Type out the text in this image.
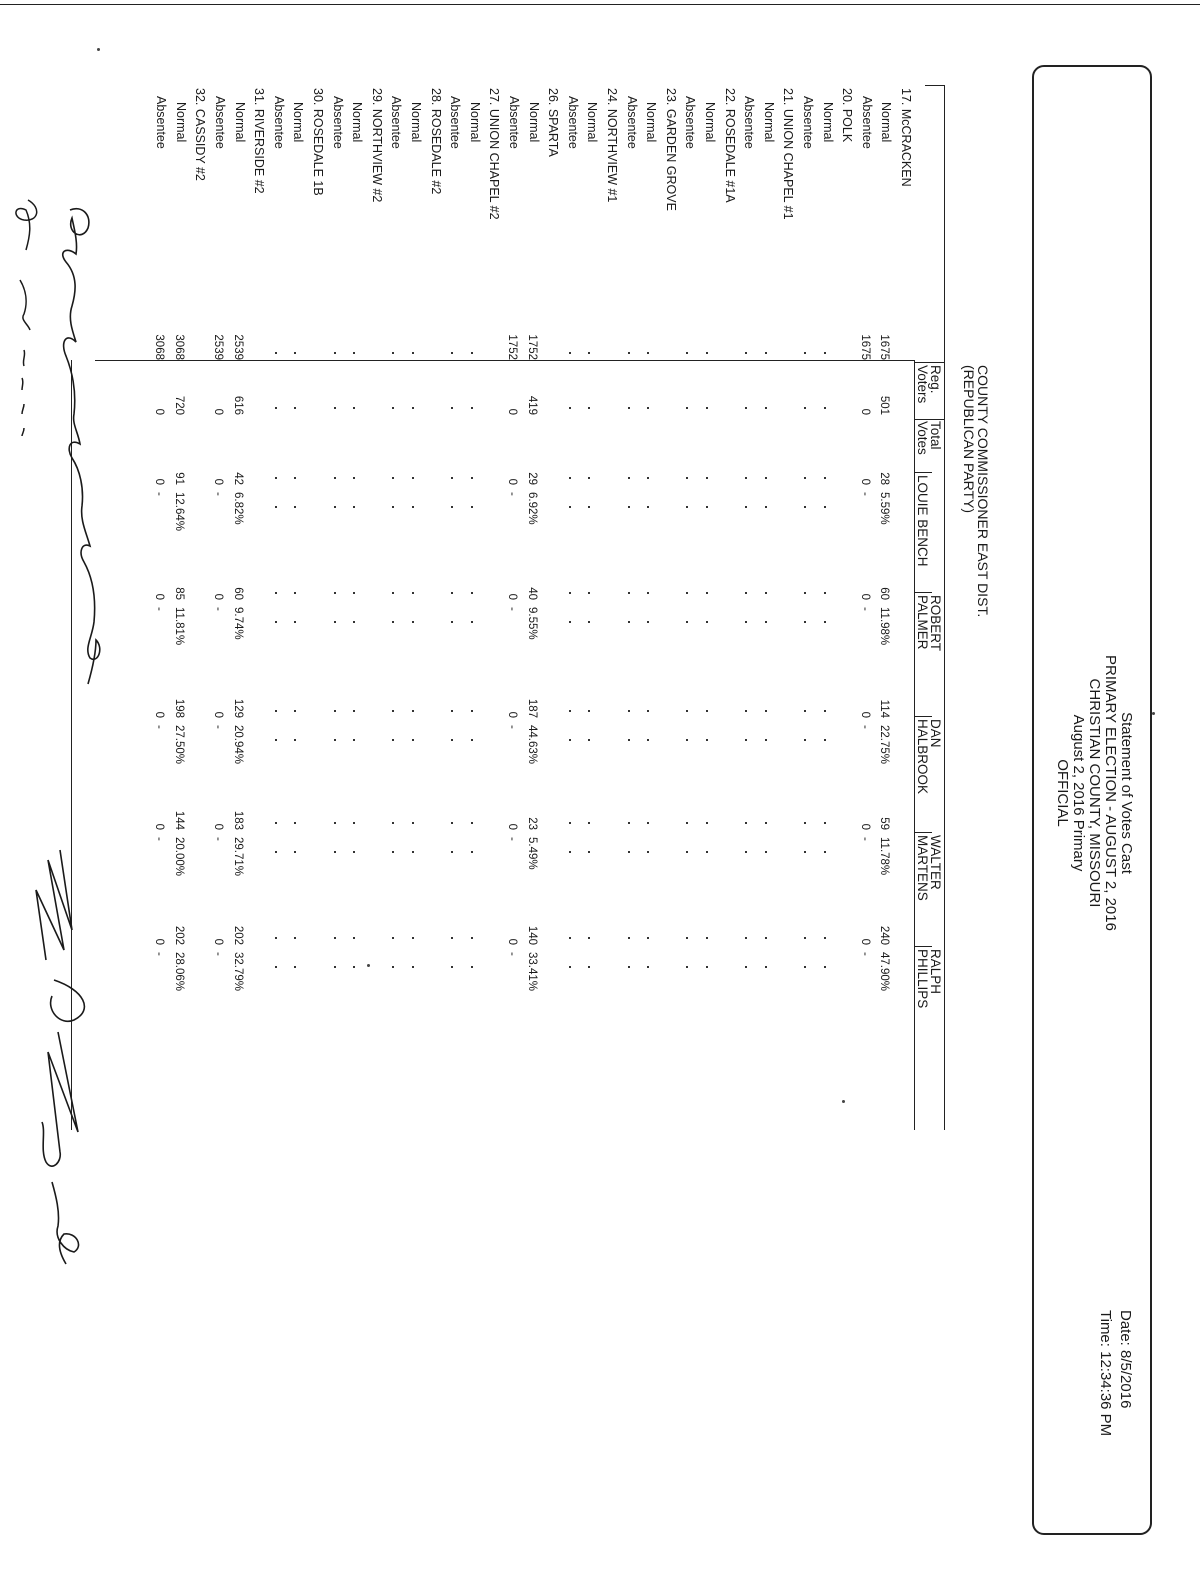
Statement of Votes Cast
PRIMARY ELECTION - AUGUST 2, 2016
CHRISTIAN COUNTY, MISSOURI
August 2, 2016 Primary
OFFICIAL
Date: 8/5/2016
Time: 12:34:36 PM
COUNTY COMMISSIONER EAST DIST.
(REPUBLICAN PARTY)
Reg.
Voters
Total
Votes
LOUIE BENCH
ROBERT
PALMER
DAN
HALBROOK
WALTER
MARTENS
RALPH
PHILLIPS
17. McCRACKEN
Normal
1675
501
28
5.59%
60
11.98%
114
22.75%
59
11.78%
240
47.90%
Absentee
1675
0
0
-
0
-
0
-
0
-
0
-
20. POLK
Normal
Absentee
21. UNION CHAPEL #1
Normal
Absentee
22. ROSEDALE #1A
Normal
Absentee
23. GARDEN GROVE
Normal
Absentee
24. NORTHVIEW #1
Normal
Absentee
26. SPARTA
Normal
1752
419
29
6.92%
40
9.55%
187
44.63%
23
5.49%
140
33.41%
Absentee
1752
0
0
-
0
-
0
-
0
-
0
-
27. UNION CHAPEL #2
Normal
Absentee
28. ROSEDALE #2
Normal
Absentee
29. NORTHVIEW #2
Normal
Absentee
30. ROSEDALE 1B
Normal
Absentee
31. RIVERSIDE #2
Normal
2539
616
42
6.82%
60
9.74%
129
20.94%
183
29.71%
202
32.79%
Absentee
2539
0
0
-
0
-
0
-
0
-
0
-
32. CASSIDY #2
Normal
3068
720
91
12.64%
85
11.81%
198
27.50%
144
20.00%
202
28.06%
Absentee
3068
0
0
-
0
-
0
-
0
-
0
-
